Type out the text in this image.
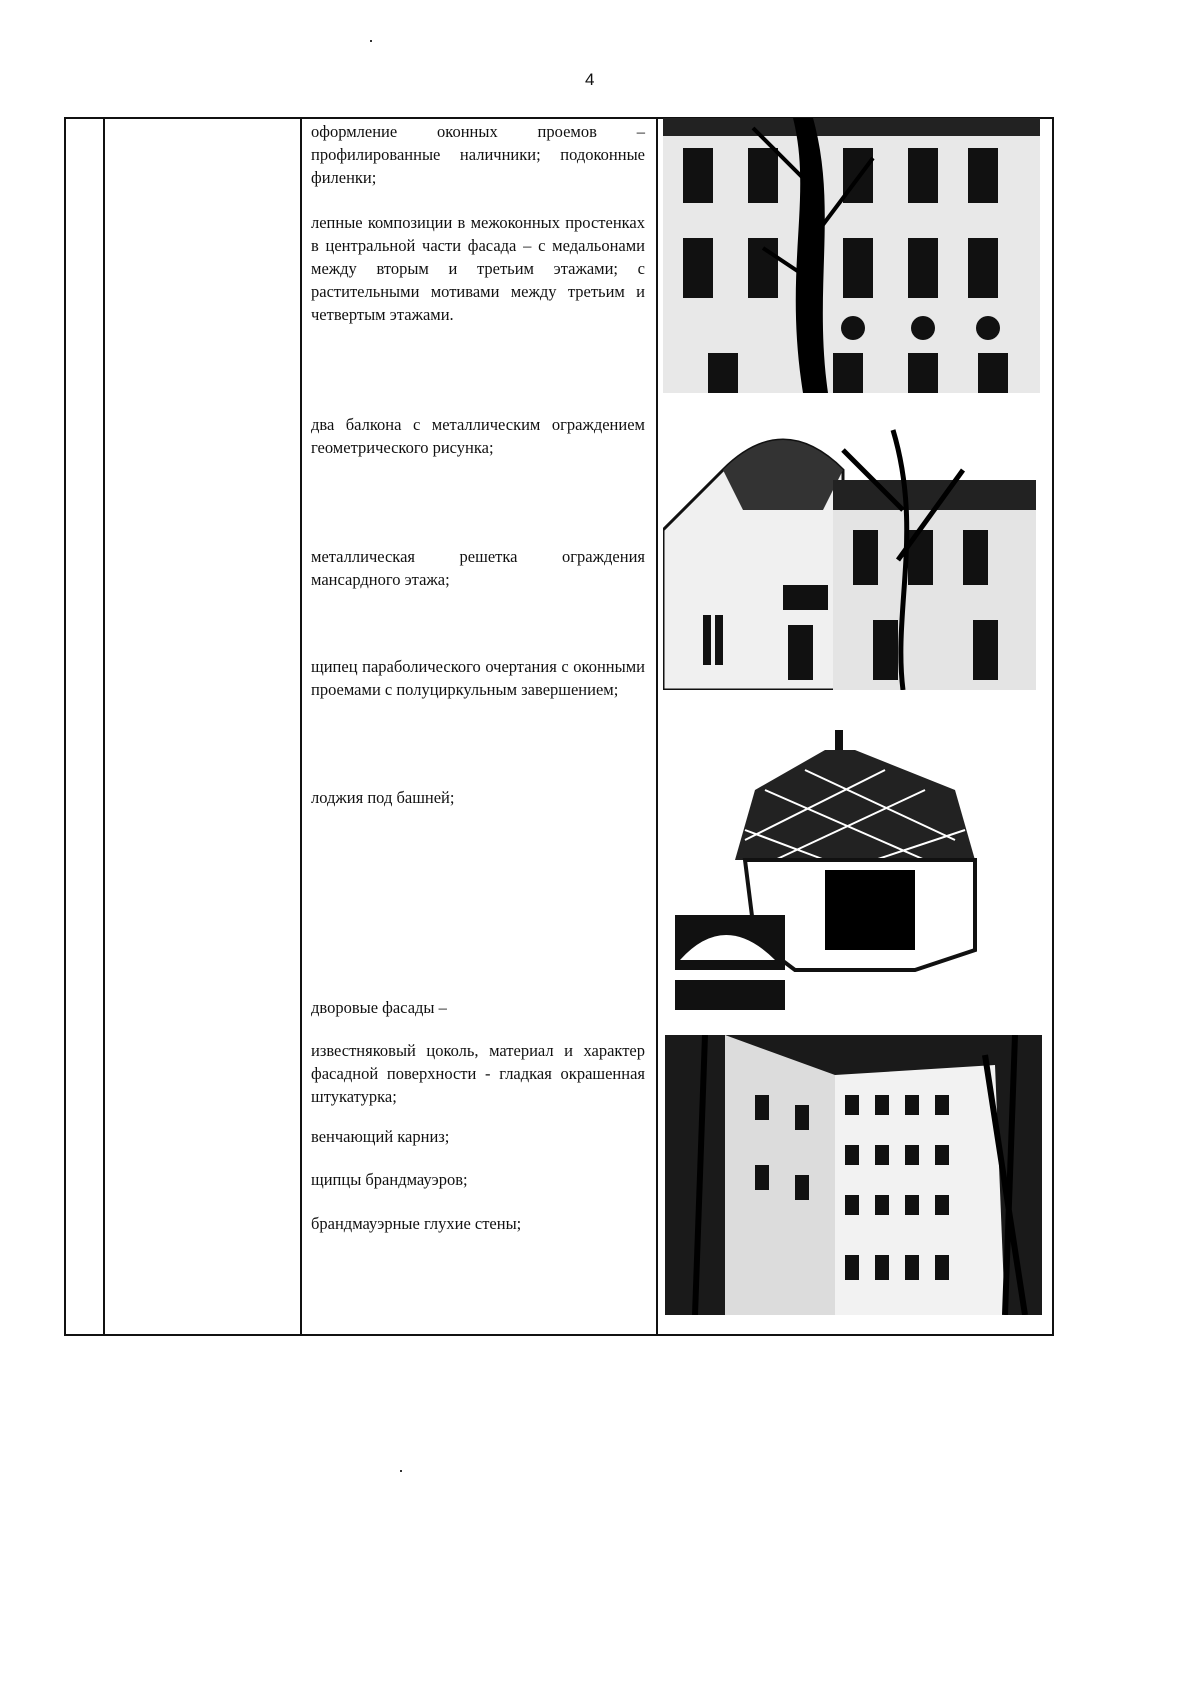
4
оформление оконных проемов – профилированные наличники; подоконные филенки;
лепные композиции в межоконных простенках в центральной части фасада – с медальонами между вторым и третьим этажами; с растительными мотивами между третьим и четвертым этажами.
два балкона с металлическим ограждением геометрического рисунка;
металлическая решетка ограждения мансардного этажа;
щипец параболического очертания с оконными проемами с полуциркульным завершением;
лоджия под башней;
дворовые фасады –
известняковый цоколь, материал и характер фасадной поверхности - гладкая окрашенная штукатурка;
венчающий карниз;
щипцы брандмауэров;
брандмауэрные глухие стены;
